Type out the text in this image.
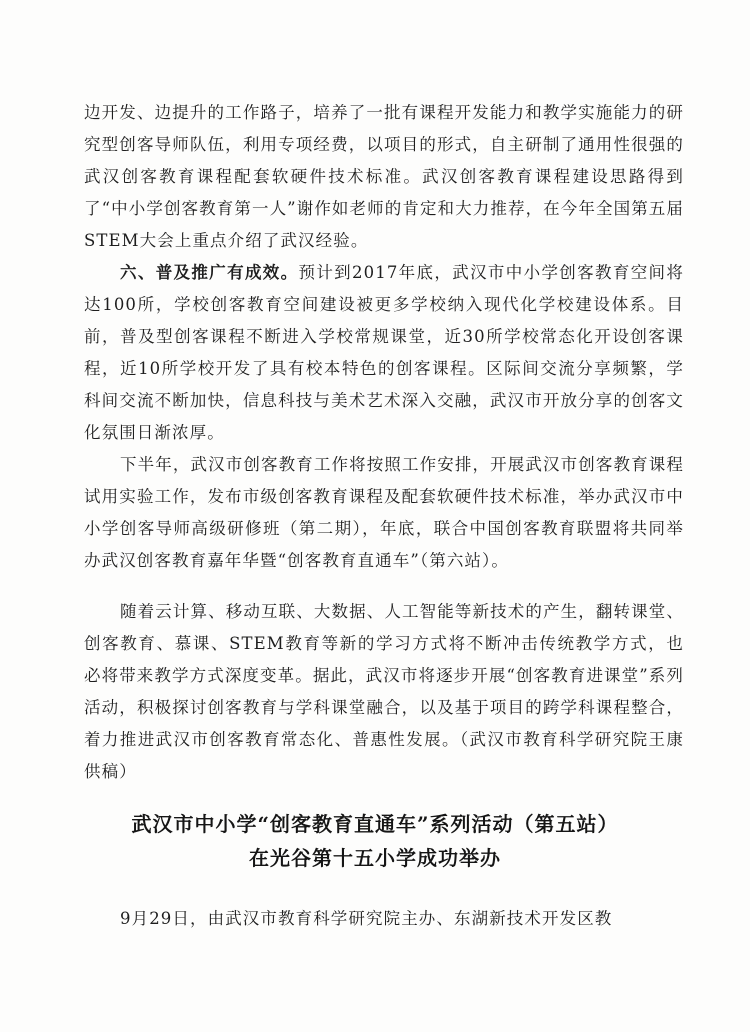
边开发、边提升的工作路子，培养了一批有课程开发能力和教学实施能力的研究型创客导师队伍，利用专项经费，以项目的形式，自主研制了通用性很强的武汉创客教育课程配套软硬件技术标准。武汉创客教育课程建设思路得到了“中小学创客教育第一人”谢作如老师的肯定和大力推荐，在今年全国第五届STEM大会上重点介绍了武汉经验。

六、普及推广有成效。预计到2017年底，武汉市中小学创客教育空间将达100所，学校创客教育空间建设被更多学校纳入现代化学校建设体系。目前，普及型创客课程不断进入学校常规课堂，近30所学校常态化开设创客课程，近10所学校开发了具有校本特色的创客课程。区际间交流分享频繁，学科间交流不断加快，信息科技与美术艺术深入交融，武汉市开放分享的创客文化氛围日渐浓厚。

下半年，武汉市创客教育工作将按照工作安排，开展武汉市创客教育课程试用实验工作，发布市级创客教育课程及配套软硬件技术标准，举办武汉市中小学创客导师高级研修班（第二期），年底，联合中国创客教育联盟将共同举办武汉创客教育嘉年华暨“创客教育直通车”（第六站）。

随着云计算、移动互联、大数据、人工智能等新技术的产生，翻转课堂、创客教育、慕课、STEM教育等新的学习方式将不断冲击传统教学方式，也必将带来教学方式深度变革。据此，武汉市将逐步开展“创客教育进课堂”系列活动，积极探讨创客教育与学科课堂融合，以及基于项目的跨学科课程整合，着力推进武汉市创客教育常态化、普惠性发展。（武汉市教育科学研究院王康 供稿）

武汉市中小学“创客教育直通车”系列活动（第五站）
在光谷第十五小学成功举办

9月29日，由武汉市教育科学研究院主办、东湖新技术开发区教
